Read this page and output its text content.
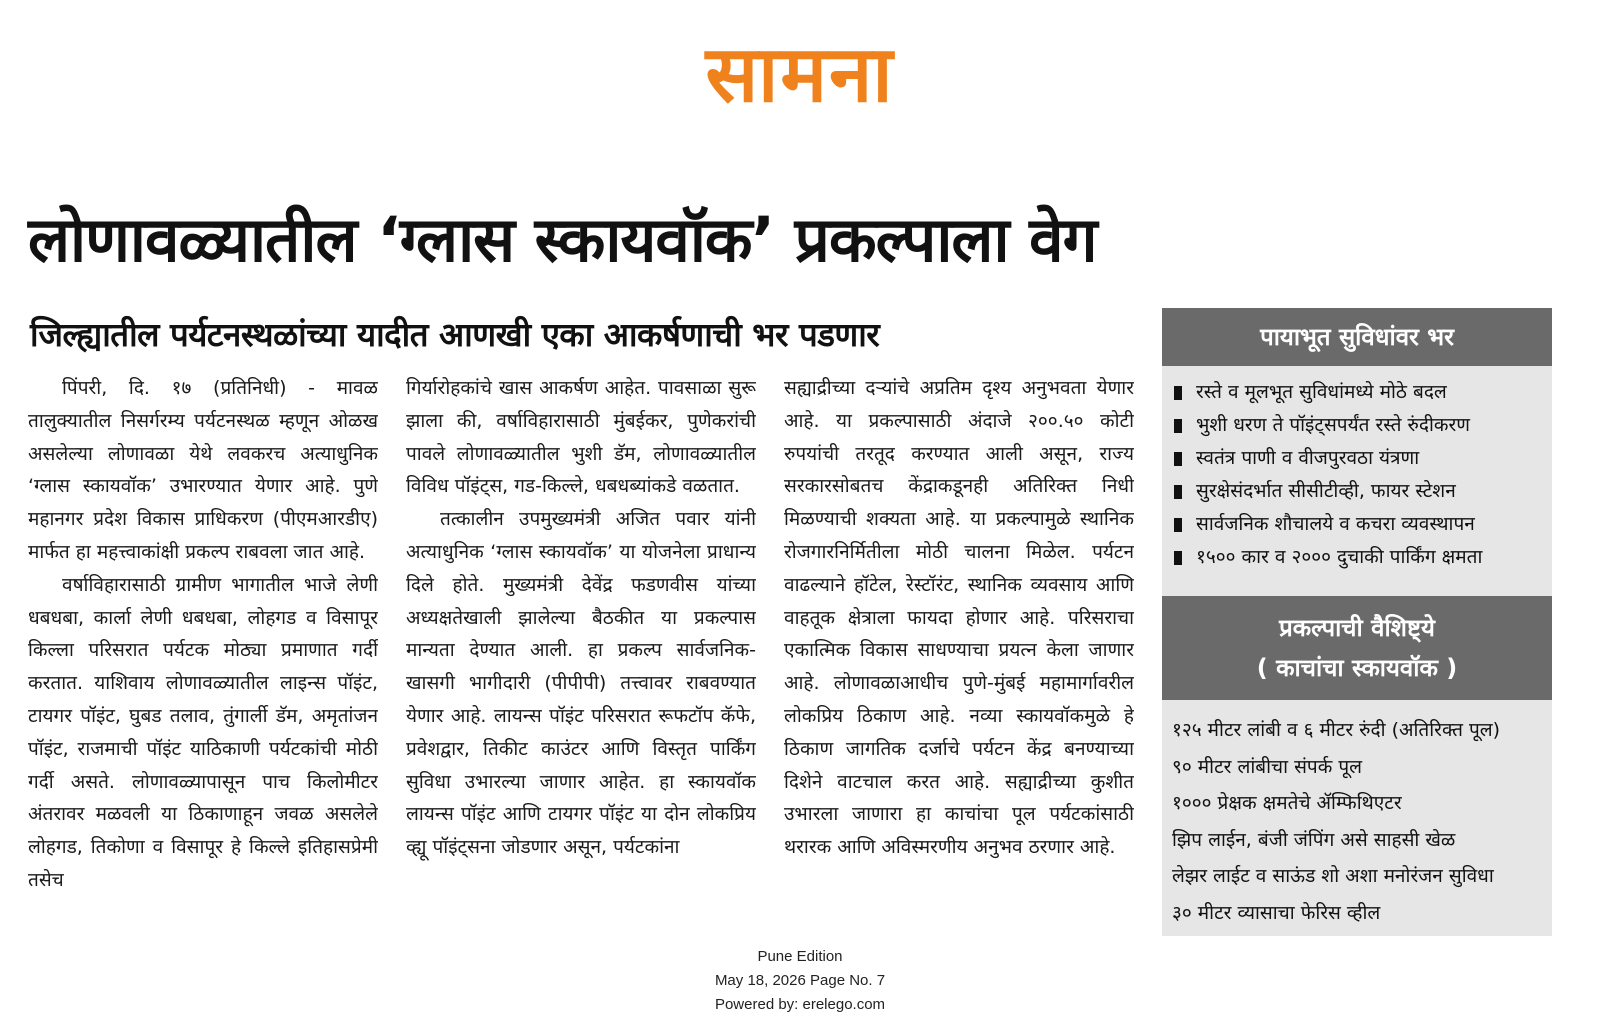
सामना
लोणावळ्यातील ‘ग्लास स्कायवॉक’ प्रकल्पाला वेग
जिल्ह्यातील पर्यटनस्थळांच्या यादीत आणखी एका आकर्षणाची भर पडणार

पिंपरी, दि. १७ (प्रतिनिधी) - मावळ तालुक्यातील निसर्गरम्य पर्यटनस्थळ म्हणून ओळख असलेल्या लोणावळा येथे लवकरच अत्याधुनिक ‘ग्लास स्कायवॉक’ उभारण्यात येणार आहे. पुणे महानगर प्रदेश विकास प्राधिकरण (पीएमआरडीए) मार्फत हा महत्त्वाकांक्षी प्रकल्प राबवला जात आहे.

वर्षाविहारासाठी ग्रामीण भागातील भाजे लेणी धबधबा, कार्ला लेणी धबधबा, लोहगड व विसापूर किल्ला परिसरात पर्यटक मोठ्या प्रमाणात गर्दी करतात. याशिवाय लोणावळ्यातील लाइन्स पॉइंट, टायगर पॉइंट, घुबड तलाव, तुंगार्ली डॅम, अमृतांजन पॉइंट, राजमाची पॉइंट याठिकाणी पर्यटकांची मोठी गर्दी असते. लोणावळ्यापासून पाच किलोमीटर अंतरावर मळवली या ठिकाणाहून जवळ असलेले लोहगड, तिकोणा व विसापूर हे किल्ले इतिहासप्रेमी तसेच

गिर्यारोहकांचे खास आकर्षण आहेत. पावसाळा सुरू झाला की, वर्षाविहारासाठी मुंबईकर, पुणेकरांची पावले लोणावळ्यातील भुशी डॅम, लोणावळ्यातील विविध पॉइंट्स, गड-किल्ले, धबधब्यांकडे वळतात.

तत्कालीन उपमुख्यमंत्री अजित पवार यांनी अत्याधुनिक ‘ग्लास स्कायवॉक’ या योजनेला प्राधान्य दिले होते. मुख्यमंत्री देवेंद्र फडणवीस यांच्या अध्यक्षतेखाली झालेल्या बैठकीत या प्रकल्पास मान्यता देण्यात आली. हा प्रकल्प सार्वजनिक-खासगी भागीदारी (पीपीपी) तत्त्वावर राबवण्यात येणार आहे. लायन्स पॉइंट परिसरात रूफटॉप कॅफे, प्रवेशद्वार, तिकीट काउंटर आणि विस्तृत पार्किंग सुविधा उभारल्या जाणार आहेत. हा स्कायवॉक लायन्स पॉइंट आणि टायगर पॉइंट या दोन लोकप्रिय व्ह्यू पॉइंट्सना जोडणार असून, पर्यटकांना

सह्याद्रीच्या दऱ्यांचे अप्रतिम दृश्य अनुभवता येणार आहे. या प्रकल्पासाठी अंदाजे २००.५० कोटी रुपयांची तरतूद करण्यात आली असून, राज्य सरकारसोबतच केंद्राकडूनही अतिरिक्त निधी मिळण्याची शक्यता आहे. या प्रकल्पामुळे स्थानिक रोजगारनिर्मितीला मोठी चालना मिळेल. पर्यटन वाढल्याने हॉटेल, रेस्टॉरंट, स्थानिक व्यवसाय आणि वाहतूक क्षेत्राला फायदा होणार आहे. परिसराचा एकात्मिक विकास साधण्याचा प्रयत्न केला जाणार आहे. लोणावळाआधीच पुणे-मुंबई महामार्गावरील लोकप्रिय ठिकाण आहे. नव्या स्कायवॉकमुळे हे ठिकाण जागतिक दर्जाचे पर्यटन केंद्र बनण्याच्या दिशेने वाटचाल करत आहे. सह्याद्रीच्या कुशीत उभारला जाणारा हा काचांचा पूल पर्यटकांसाठी थरारक आणि अविस्मरणीय अनुभव ठरणार आहे.

पायाभूत सुविधांवर भर
रस्ते व मूलभूत सुविधांमध्ये मोठे बदल
भुशी धरण ते पॉइंट्सपर्यंत रस्ते रुंदीकरण
स्वतंत्र पाणी व वीजपुरवठा यंत्रणा
सुरक्षेसंदर्भात सीसीटीव्ही, फायर स्टेशन
सार्वजनिक शौचालये व कचरा व्यवस्थापन
१५०० कार व २००० दुचाकी पार्किंग क्षमता
प्रकल्पाची वैशिष्ट्ये
( काचांचा स्कायवॉक )
१२५ मीटर लांबी व ६ मीटर रुंदी (अतिरिक्त पूल)
९० मीटर लांबीचा संपर्क पूल
१००० प्रेक्षक क्षमतेचे ॲम्फिथिएटर
झिप लाईन, बंजी जंपिंग असे साहसी खेळ
लेझर लाईट व साऊंड शो अशा मनोरंजन सुविधा
३० मीटर व्यासाचा फेरिस व्हील
Pune Edition
May 18, 2026 Page No. 7
Powered by: erelego.com
